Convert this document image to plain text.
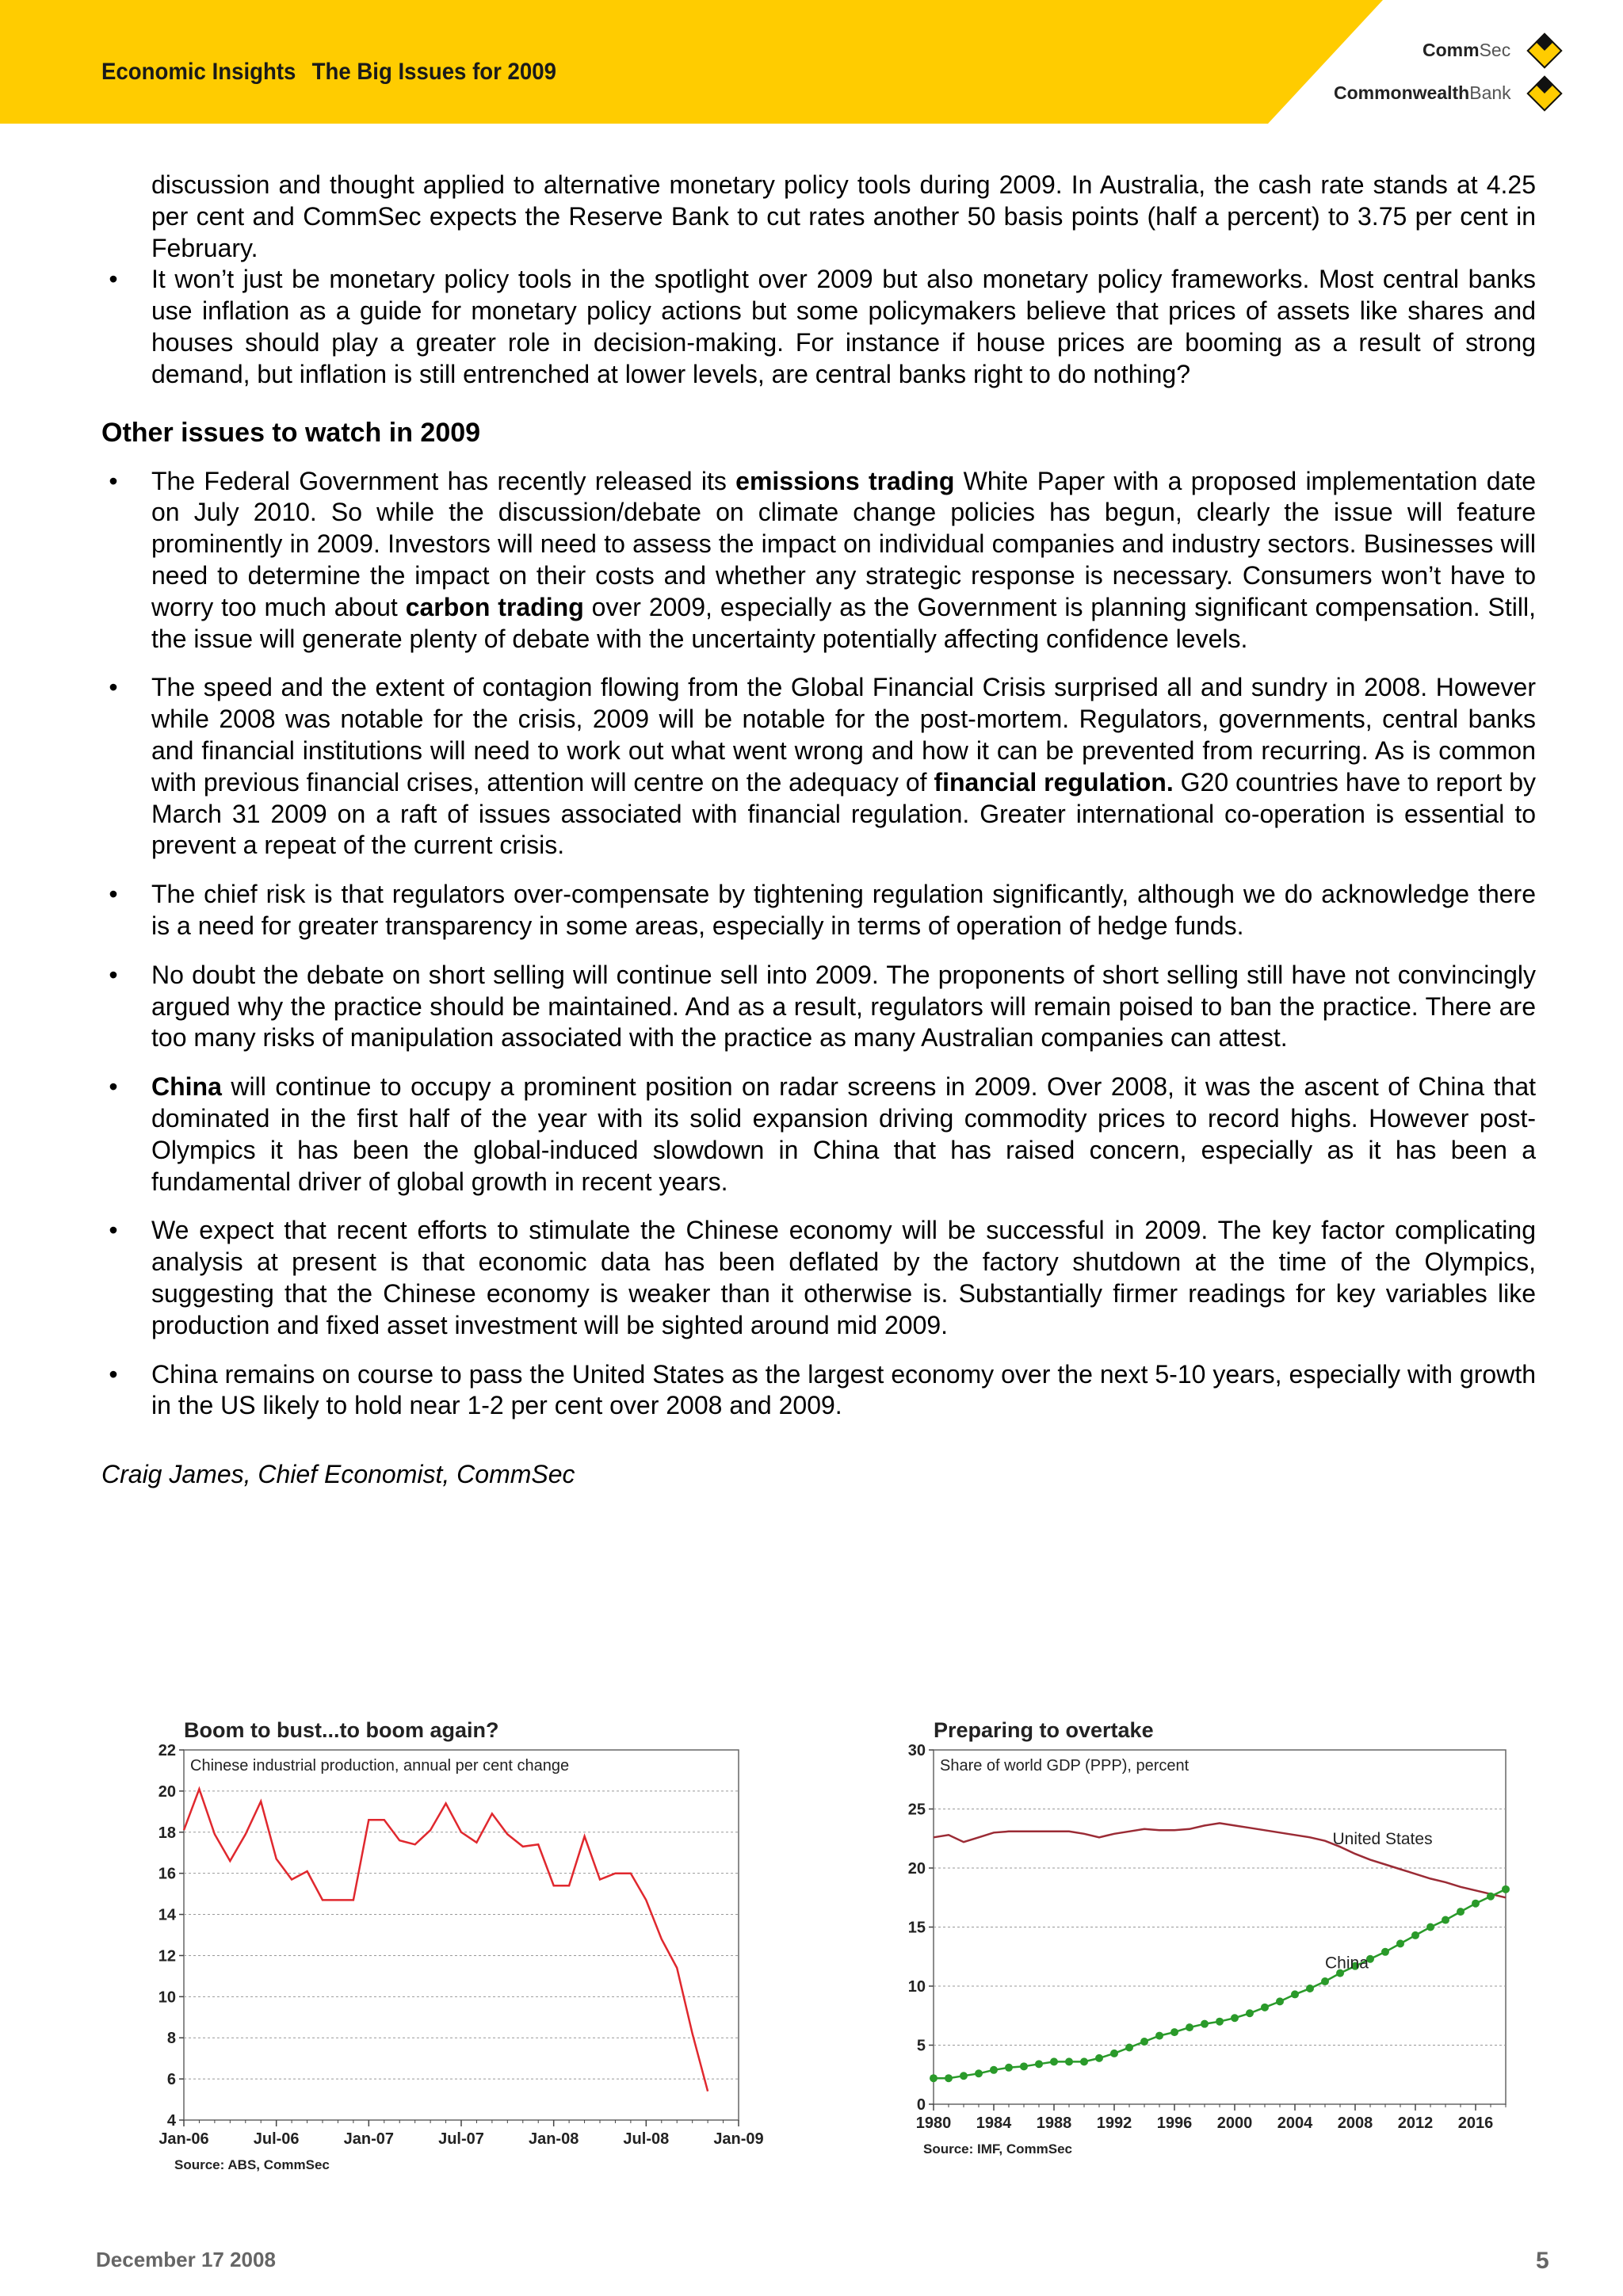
Economic Insights The Big Issues for 2009
CommSec
CommonwealthBank

discussion and thought applied to alternative monetary policy tools during 2009. In Australia, the cash rate stands at 4.25 per cent and CommSec expects the Reserve Bank to cut rates another 50 basis points (half a percent) to 3.75 per cent in February.

• It won’t just be monetary policy tools in the spotlight over 2009 but also monetary policy frameworks. Most central banks use inflation as a guide for monetary policy actions but some policymakers believe that prices of assets like shares and houses should play a greater role in decision-making. For instance if house prices are booming as a result of strong demand, but inflation is still entrenched at lower levels, are central banks right to do nothing?

Other issues to watch in 2009
• The Federal Government has recently released its emissions trading White Paper with a proposed implementation date on July 2010. So while the discussion/debate on climate change policies has begun, clearly the issue will feature prominently in 2009. Investors will need to assess the impact on individual companies and industry sectors. Businesses will need to determine the impact on their costs and whether any strategic response is necessary. Consumers won’t have to worry too much about carbon trading over 2009, especially as the Government is planning significant compensation. Still, the issue will generate plenty of debate with the uncertainty potentially affecting confidence levels.

• The speed and the extent of contagion flowing from the Global Financial Crisis surprised all and sundry in 2008. However while 2008 was notable for the crisis, 2009 will be notable for the post-mortem. Regulators, governments, central banks and financial institutions will need to work out what went wrong and how it can be prevented from recurring. As is common with previous financial crises, attention will centre on the adequacy of financial regulation. G20 countries have to report by March 31 2009 on a raft of issues associated with financial regulation. Greater international co-operation is essential to prevent a repeat of the current crisis.

• The chief risk is that regulators over-compensate by tightening regulation significantly, although we do acknowledge there is a need for greater transparency in some areas, especially in terms of operation of hedge funds.

• No doubt the debate on short selling will continue sell into 2009. The proponents of short selling still have not convincingly argued why the practice should be maintained. And as a result, regulators will remain poised to ban the practice. There are too many risks of manipulation associated with the practice as many Australian companies can attest.

• China will continue to occupy a prominent position on radar screens in 2009. Over 2008, it was the ascent of China that dominated in the first half of the year with its solid expansion driving commodity prices to record highs. However post-Olympics it has been the global-induced slowdown in China that has raised concern, especially as it has been a fundamental driver of global growth in recent years.

• We expect that recent efforts to stimulate the Chinese economy will be successful in 2009. The key factor complicating analysis at present is that economic data has been deflated by the factory shutdown at the time of the Olympics, suggesting that the Chinese economy is weaker than it otherwise is. Substantially firmer readings for key variables like production and fixed asset investment will be sighted around mid 2009.

• China remains on course to pass the United States as the largest economy over the next 5-10 years, especially with growth in the US likely to hold near 1-2 per cent over 2008 and 2009.

Craig James, Chief Economist, CommSec
Boom to bust...to boom again?
4
6
8
10
12
14
16
18
20
22
Chinese industrial production, annual per cent change
Jan-06	Jul-06	Jan-07	Jul-07	Jan-08	Jul-08	Jan-09
Source: ABS, CommSec
Preparing to overtake
0
5
10
15
20
25
30
Share of world GDP (PPP), percent
1980 1984 1988 1992 1996 2000 2004 2008 2012 2016
United States
China
Source: IMF, CommSec
December 17 2008	5
